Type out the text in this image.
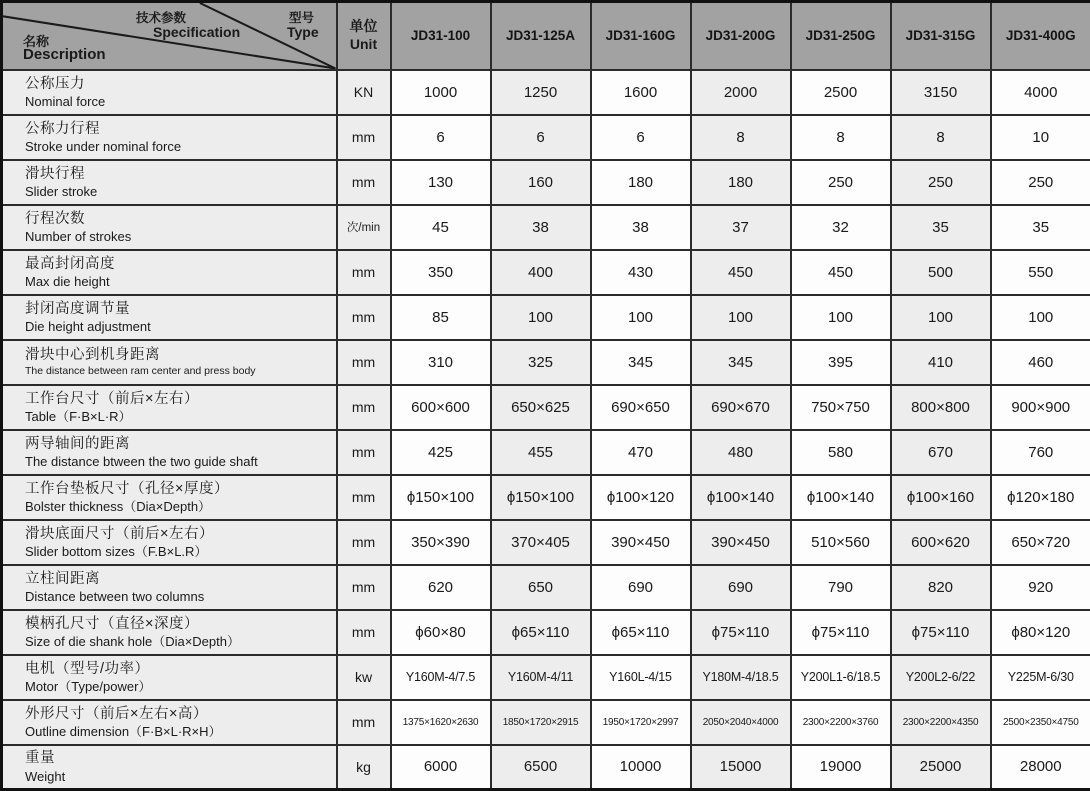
技术参数
Specification
型号
Type
名称
Description
	单位
Unit	JD31-100	JD31-125A	JD31-160G	JD31-200G	JD31-250G	JD31-315G	JD31-400G

公称压力
Nominal force	KN	1000	1250	1600	2000	2500	3150	4000

公称力行程
Stroke under nominal force	mm	6	6	6	8	8	8	10

滑块行程
Slider stroke	mm	130	160	180	180	250	250	250

行程次数
Number of strokes	次/min	45	38	38	37	32	35	35

最高封闭高度
Max die height	mm	350	400	430	450	450	500	550

封闭高度调节量
Die height adjustment	mm	85	100	100	100	100	100	100

滑块中心到机身距离
The distance between ram center and press body	mm	310	325	345	345	395	410	460

工作台尺寸（前后×左右）
Table（F·B×L·R）	mm	600×600	650×625	690×650	690×670	750×750	800×800	900×900

两导轴间的距离
The distance btween the two guide shaft	mm	425	455	470	480	580	670	760

工作台垫板尺寸（孔径×厚度）
Bolster thickness（Dia×Depth）	mm	ϕ150×100	ϕ150×100	ϕ100×120	ϕ100×140	ϕ100×140	ϕ100×160	ϕ120×180

滑块底面尺寸（前后×左右）
Slider bottom sizes（F.B×L.R）	mm	350×390	370×405	390×450	390×450	510×560	600×620	650×720

立柱间距离
Distance between two columns	mm	620	650	690	690	790	820	920

模柄孔尺寸（直径×深度）
Size of die shank hole（Dia×Depth）	mm	ϕ60×80	ϕ65×110	ϕ65×110	ϕ75×110	ϕ75×110	ϕ75×110	ϕ80×120

电机（型号/功率）
Motor（Type/power）	kw	Y160M-4/7.5	Y160M-4/11	Y160L-4/15	Y180M-4/18.5	Y200L1-6/18.5	Y200L2-6/22	Y225M-6/30

外形尺寸（前后×左右×高）
Outline dimension（F·B×L·R×H）	mm	1375×1620×2630	1850×1720×2915	1950×1720×2997	2050×2040×4000	2300×2200×3760	2300×2200×4350	2500×2350×4750

重量
Weight	kg	6000	6500	10000	15000	19000	25000	28000
